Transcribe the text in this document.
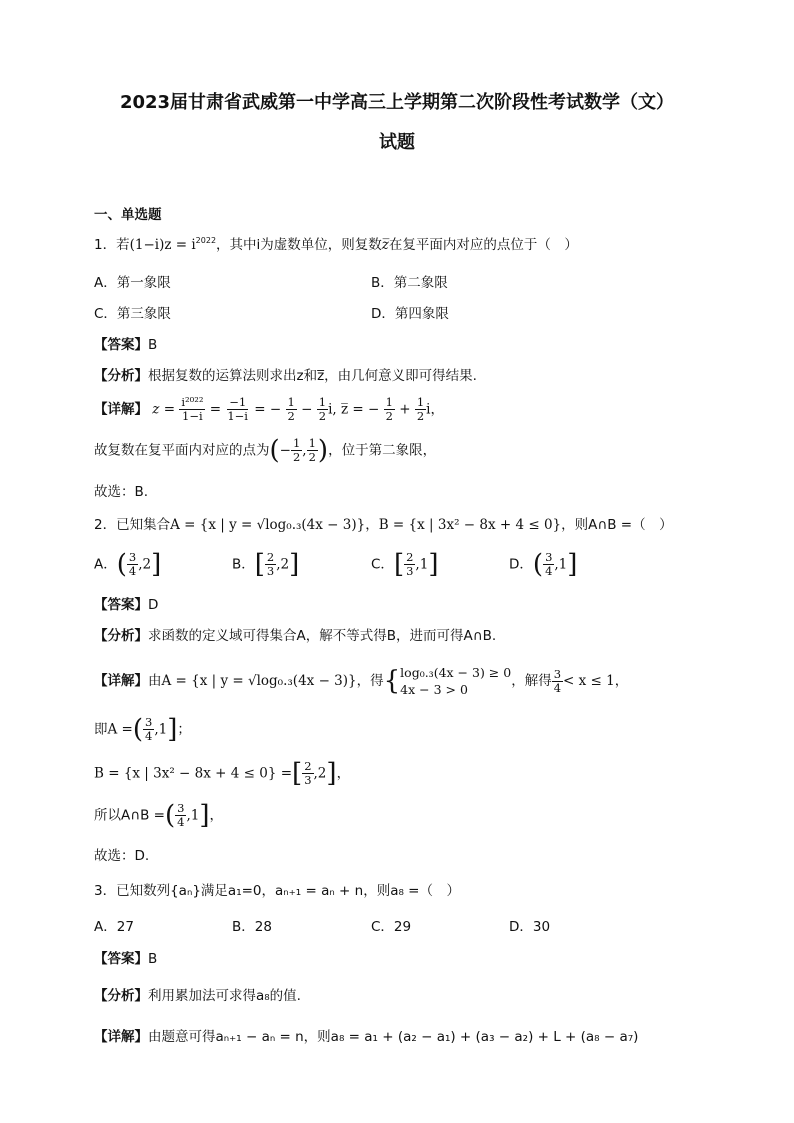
2023届甘肃省武威第一中学高三上学期第二次阶段性考试数学（文）
试题
一、单选题
1．若$(1-i)z = i^{2022}$，其中i为虚数单位，则复数z̅在复平面内对应的点位于（　）
A．第一象限	B．第二象限
C．第三象限	D．第四象限
【答案】B
【分析】根据复数的运算法则求出z和z̅，由几何意义即可得结果.
【详解】 $z = \frac{\text{i²⁰²²}}{1-i} = \frac{-1}{1-i}$ = − $\frac{1}{2} - \frac{1}{2} i$, z̅ = − $\frac{1}{2} + \frac{1}{2}$ i，
故复数在复平面内对应的点为(− $\frac{1}{2}$ , $\frac{1}{2}$ )，位于第二象限，
故选：B.
2．已知集合A = {x | y = √log₀.₃(4x − 3)}，B = {x | 3x² − 8x + 4 ≤ 0}，则A∩B =（　）
A．( $\frac{3}{4} ,2$]	B．[ $\frac{2}{3} ,2$]	C．[ $\frac{2}{3} ,1$]	D．( $\frac{3}{4} ,1$]
【答案】D
【分析】求函数的定义域可得集合A，解不等式得B，进而可得A∩B.
【详解】由A = {x | y = √log₀.₃(4x − 3)}，得{ log₀.₃(4x − 3) ≥ 0
4x − 3 > 0
，解得 $\frac{3}{4} < x \le 1$，
即A =( $\frac{3}{4} ,1$]；
B = {x | 3x² − 8x + 4 ≤ 0} =[ $\frac{2}{3} ,2$]，
所以A∩B =( $\frac{3}{4} ,1$]，
故选：D.
3．已知数列{aₙ}满足a₁=0，aₙ₊₁ = aₙ + n，则a₈ =（　）
A．27	B．28	C．29	D．30
【答案】B
【分析】利用累加法可求得a₈的值.
【详解】由题意可得aₙ₊₁ − aₙ = n，则a₈ = a₁ + (a₂ − a₁) + (a₃ − a₂) + L + (a₈ − a₇)
